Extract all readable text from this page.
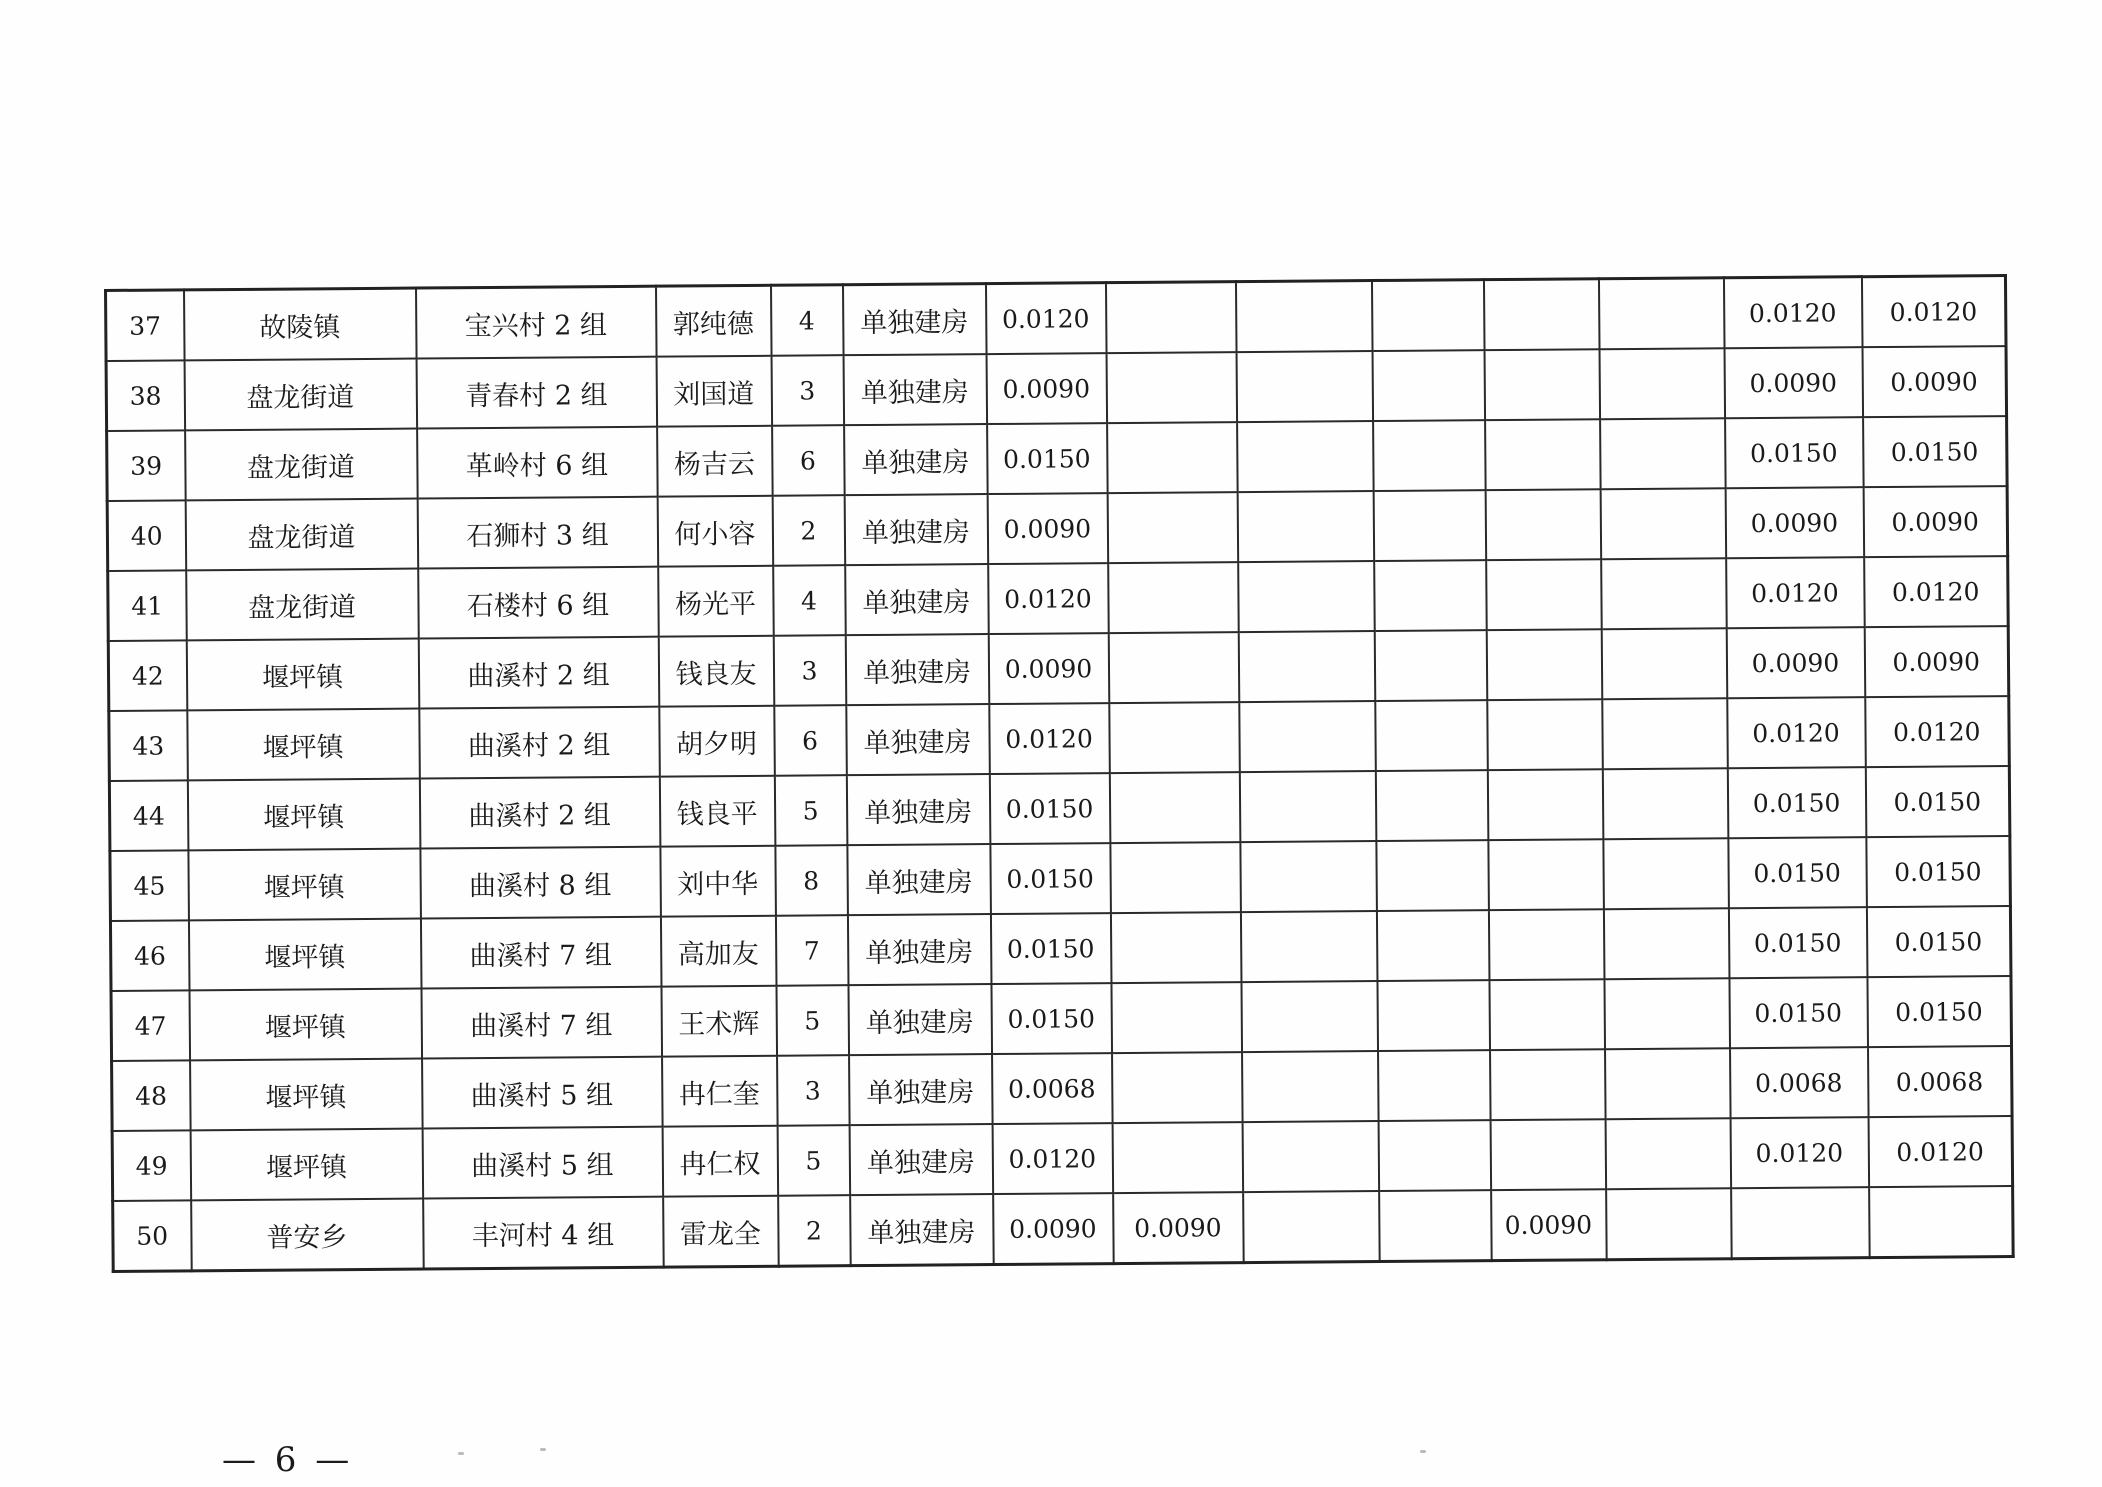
37	故陵镇	宝兴村 2 组	郭纯德	4	单独建房	0.0120						0.0120	0.0120
38	盘龙街道	青春村 2 组	刘国道	3	单独建房	0.0090						0.0090	0.0090
39	盘龙街道	革岭村 6 组	杨吉云	6	单独建房	0.0150						0.0150	0.0150
40	盘龙街道	石狮村 3 组	何小容	2	单独建房	0.0090						0.0090	0.0090
41	盘龙街道	石楼村 6 组	杨光平	4	单独建房	0.0120						0.0120	0.0120
42	堰坪镇	曲溪村 2 组	钱良友	3	单独建房	0.0090						0.0090	0.0090
43	堰坪镇	曲溪村 2 组	胡夕明	6	单独建房	0.0120						0.0120	0.0120
44	堰坪镇	曲溪村 2 组	钱良平	5	单独建房	0.0150						0.0150	0.0150
45	堰坪镇	曲溪村 8 组	刘中华	8	单独建房	0.0150						0.0150	0.0150
46	堰坪镇	曲溪村 7 组	高加友	7	单独建房	0.0150						0.0150	0.0150
47	堰坪镇	曲溪村 7 组	王术辉	5	单独建房	0.0150						0.0150	0.0150
48	堰坪镇	曲溪村 5 组	冉仁奎	3	单独建房	0.0068						0.0068	0.0068
49	堰坪镇	曲溪村 5 组	冉仁权	5	单独建房	0.0120						0.0120	0.0120
50	普安乡	丰河村 4 组	雷龙全	2	单独建房	0.0090	0.0090			0.0090			
— 6 —
